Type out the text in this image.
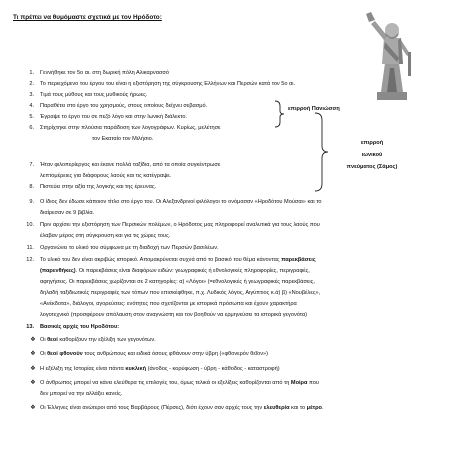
Τι πρέπει να θυμόμαστε σχετικά με τον Ηρόδοτο:
1. Γεννήθηκε τον 5ο αι. στη δωρική πόλη Αλικαρνασσό
2. Το περιεχόμενο του έργου του είναι η εξιστόρηση της σύγκρουσης Ελλήνων και Περσών κατά τον 5ο αι.
3. Τιμά τους μύθους και τους μυθικούς ήρωες.
4. Παραθέτει στο έργο του χρησμούς, στους οποίους δείχνει σεβασμό.
5. Έγραψε το έργο του σε πεζό λόγο και στην Ιωνική διάλεκτο.
6. Στηρίχτηκε στην πλούσια παράδοση των λογογράφων. Κυρίως, μελέτησε
τον Εκαταίο τον Μιλήσιο.
7. Ήταν φιλοπερίεργος και έκανε πολλά ταξίδια, από τα οποία συγκέντρωσε
λεπτομέρειες για διάφορους λαούς και τις κατέγραψε.
8. Πιστεύει στην αξία της λογικής και της έρευνας.
9. Ο ίδιος δεν έδωσε κάποιον τίτλο στο έργο του. Οι Αλεξανδρινοί φιλόλογοι το ονόμασαν «Ηροδότου Μούσαι» και το
διαίρεσαν σε 9 βιβλία.
10. Πριν αρχίσει την εξιστόρηση των Περσικών πολέμων, ο Ηρόδοτος μας πληροφορεί αναλυτικά για τους λαούς που
έλαβαν μέρος στη σύγκρουση και για τις χώρες τους.
11. Οργανώνει το υλικό του σύμφωνα με τη διαδοχή των Περσών βασιλέων.
12. Το υλικό του δεν είναι ακριβώς ιστορικό. Απομακρύνεται συχνά από το βασικό του θέμα κάνοντας παρεκβάσεις
(παρενθήκες). Οι παρεκβάσεις είναι διαφόρων ειδών: γεωγραφικές ή εθνολογικές πληροφορίες, περιγραφές,
αφηγήσεις. Οι παρεκβάσεις χωρίζονται σε 2 κατηγορίες: α) «Λόγοι» (=εθνολογικές ή γεωγραφικές παρεκβάσεις,
δηλαδή ταξιδιωτικές περιγραφές των τόπων που επισκέφθηκε, π.χ. Λυδικός λόγος, Αιγύπτιος κ.ά) β) «Νουβέλες»,
«Ανέκδοτα», διάλογοι, αγορεύσεις: ενότητες που σχετίζονται με ιστορικά πρόσωπα και έχουν χαρακτήρα
λογοτεχνικό (προσφέρουν απόλαυση στον αναγνώστη και τον βοηθούν να ερμηνεύσει τα ιστορικά γεγονότα)
13. Βασικές αρχές του Ηροδότου:
❖ Οι θεοί καθορίζουν την εξέλιξη των γεγονότων.
❖ Οι θεοί φθονούν τους ανθρώπους και ειδικά όσους φθάνουν στην ύβρη («φθονερόν θεῖον»)
❖ Η εξέλιξη της Ιστορίας είναι πάντα κυκλική (άνοδος - κορύφωση - ύβρη - κάθοδος - καταστροφή)
❖ Ο άνθρωπος μπορεί να κάνει ελεύθερα τις επιλογές του, όμως τελικά οι εξελίξεις καθορίζονται από τη Μοίρα που
δεν μπορεί να την αλλάξει κανείς.
❖ Οι Έλληνες είναι ανώτεροι από τους Βαρβάρους (Πέρσες), διότι έχουν σαν αρχές τους την ελευθερία και το μέτρο.
επιρροή Πανιώσση
επιρροή
ιωνικού
πνεύματος (Σάμος)
